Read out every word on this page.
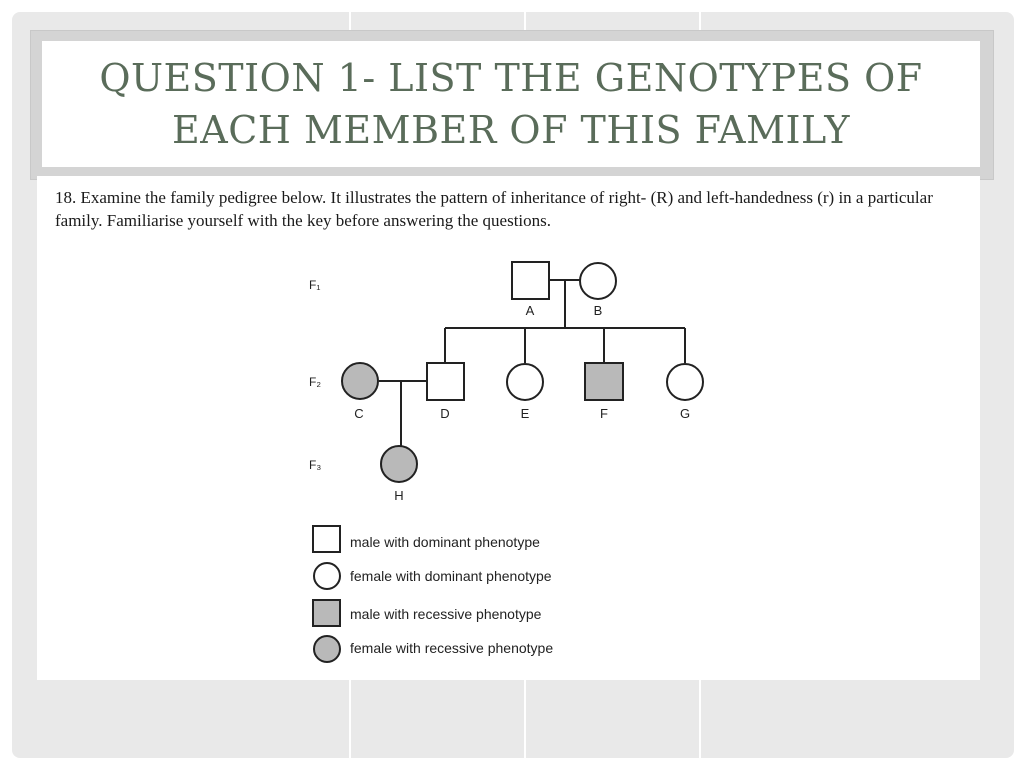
QUESTION 1- LIST THE GENOTYPES OF EACH MEMBER OF THIS FAMILY

18. Examine the family pedigree below. It illustrates the pattern of inheritance of right- (R) and left-handedness (r) in a particular family. Familiarise yourself with the key before answering the questions.

F₁
F₂
F₃
A	B
C	D	E	F	G
H
male with dominant phenotype
female with dominant phenotype
male with recessive phenotype
female with recessive phenotype
